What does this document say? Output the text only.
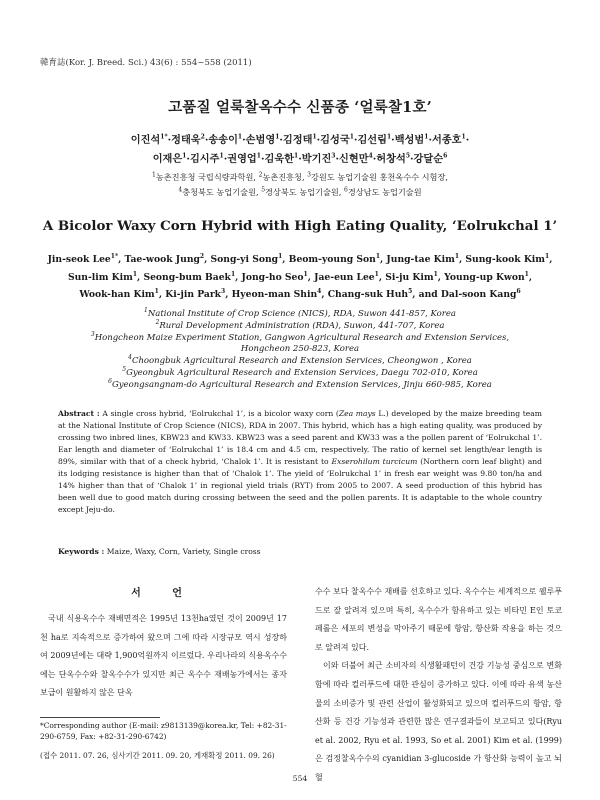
韓育誌(Kor. J. Breed. Sci.) 43(6) : 554~558 (2011)
고품질 얼룩찰옥수수 신품종 ‘얼룩찰1호’
이진석$^{1*}$·정태욱$^2$·송송이$^1$·손범영$^1$·김정태$^1$·김성국$^1$·김선림$^1$·백성범$^1$·서종호$^1$·
이재은$^1$·김시주$^1$·권영업$^1$·김욱한$^1$·박기진$^3$·신현만$^4$·허창석$^5$·강달순$^6$
$^1$농촌진흥청 국립식량과학원, $^2$농촌진흥청, $^3$강원도 농업기술원 홍천옥수수 시험장,
$^4$충청북도 농업기술원, $^5$경상북도 농업기술원, $^6$경상남도 농업기술원
A Bicolor Waxy Corn Hybrid with High Eating Quality, ‘Eolrukchal 1’
Jin-seok Lee$^{1*}$, Tae-wook Jung$^2$, Song-yi Song$^1$, Beom-young Son$^1$, Jung-tae Kim$^1$, Sung-kook Kim$^1$,
Sun-lim Kim$^1$, Seong-bum Baek$^1$, Jong-ho Seo$^1$, Jae-eun Lee$^1$, Si-ju Kim$^1$, Young-up Kwon$^1$,
Wook-han Kim$^1$, Ki-jin Park$^3$, Hyeon-man Shin$^4$, Chang-suk Huh$^5$, and Dal-soon Kang$^6$
$^1$National Institute of Crop Science (NICS), RDA, Suwon 441-857, Korea
$^2$Rural Development Administration (RDA), Suwon, 441-707, Korea
$^3$Hongcheon Maize Experiment Station, Gangwon Agricultural Research and Extension Services,
Hongcheon 250-823, Korea
$^4$Choongbuk Agricultural Research and Extension Services, Cheongwon , Korea
$^5$Gyeongbuk Agricultural Research and Extension Services, Daegu 702-010, Korea
$^6$Gyeongsangnam-do Agricultural Research and Extension Services, Jinju 660-985, Korea
Abstract : A single cross hybrid, ‘Eolrukchal 1’, is a bicolor waxy corn (Zea mays L.) developed by the maize breeding team at the National Institute of Crop Science (NICS), RDA in 2007. This hybrid, which has a high eating quality, was produced by crossing two inbred lines, KBW23 and KW33. KBW23 was a seed parent and KW33 was a the pollen parent of ‘Eolrukchal 1’. Ear length and diameter of ‘Eolrukchal 1’ is 18.4 cm and 4.5 cm, respectively. The ratio of kernel set length/ear length is 89%, similar with that of a check hybrid, ‘Chalok 1’. It is resistant to Exserohilum turcicum (Northern corn leaf blight) and its lodging resistance is higher than that of ‘Chalok 1’. The yield of ‘Eolrukchal 1’ in fresh ear weight was 9.80 ton/ha and 14% higher than that of ‘Chalok 1’ in regional yield trials (RYT) from 2005 to 2007. A seed production of this hybrid has been well due to good match during crossing between the seed and the pollen parents. It is adaptable to the whole country except Jeju-do.
Keywords : Maize, Waxy, Corn, Variety, Single cross
서 언

국내 식용옥수수 재배면적은 1995년 13천ha였던 것이 2009년 17천 ha로 지속적으로 증가하여 왔으며 그에 따라 시장규모 역시 성장하여 2009년에는 대략 1,900억원까지 이르렀다. 우리나라의 식용옥수수에는 단옥수수와 찰옥수수가 있지만 최근 옥수수 재배농가에서는 종자보급이 원활하지 않은 단옥

수수 보다 찰옥수수 재배를 선호하고 있다. 옥수수는 세계적으로 웰루푸드로 잘 알려져 있으며 특히, 옥수수가 함유하고 있는 비타민 E인 토코페롤은 세포의 변성을 막아주기 때문에 항암, 항산화 작용을 하는 것으로 알려져 있다.

이와 더불어 최근 소비자의 식생활패턴이 건강 기능성 중심으로 변화함에 따라 컬러푸드에 대한 관심이 증가하고 있다. 이에 따라 유색 농산물의 소비증가 및 관련 산업이 활성화되고 있으며 컬러푸드의 항암, 항산화 등 건강 기능성과 관련한 많은 연구결과들이 보고되고 있다(Ryu et al. 2002, Ryu et al. 1993, So et al. 2001) Kim et al. (1999)은 검정찰옥수수의 cyanidian 3-glucoside 가 항산화 능력이 높고 뇌혈

*Corresponding author (E-mail: z9813139@korea.kr, Tel: +82-31-290-6759, Fax: +82-31-290-6742)
(접수 2011. 07. 26, 심사기간 2011. 09. 20, 게재확정 2011. 09. 26)
554
